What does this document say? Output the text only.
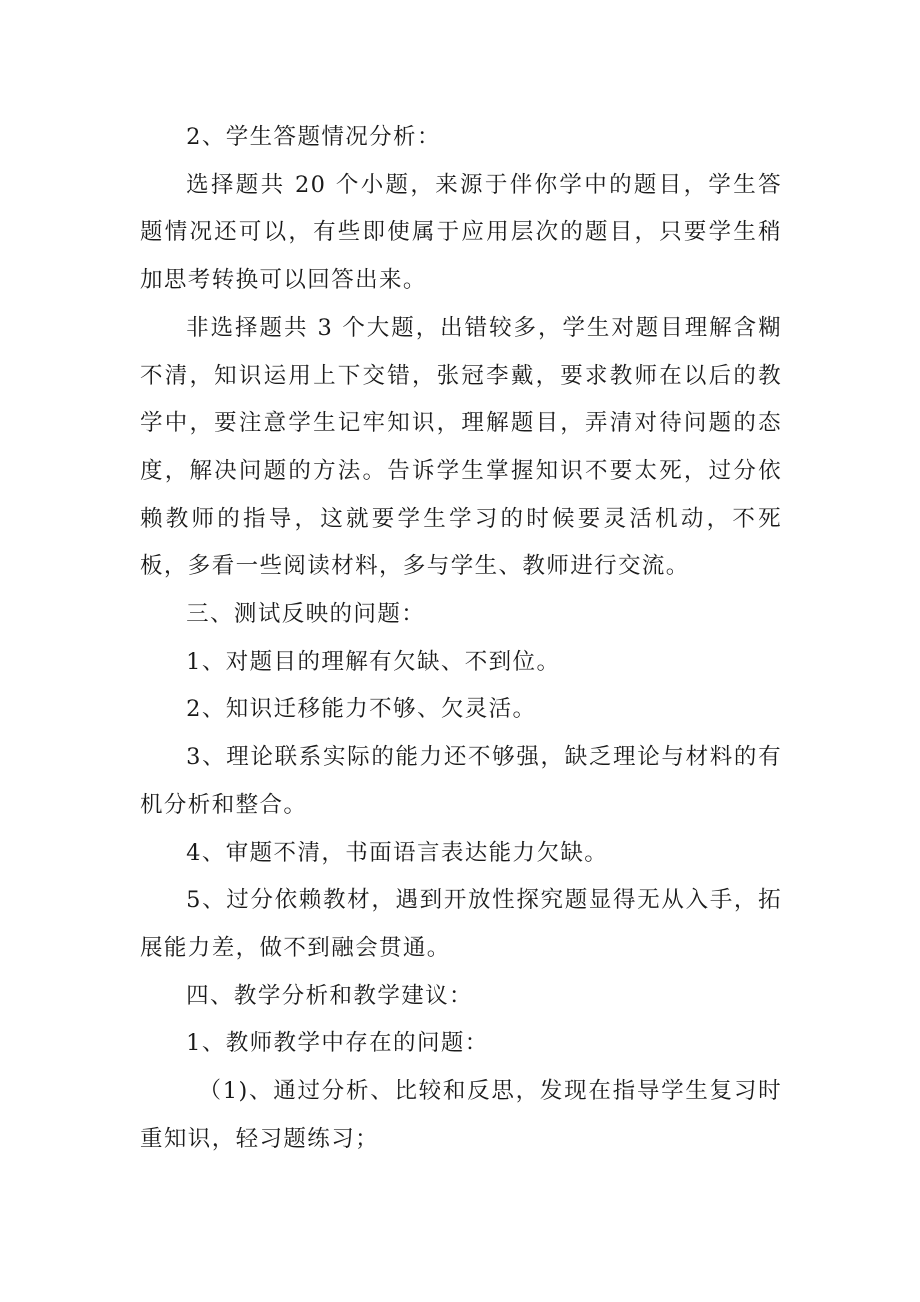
2、学生答题情况分析：

选择题共 20 个小题，来源于伴你学中的题目，学生答题情况还可以，有些即使属于应用层次的题目，只要学生稍加思考转换可以回答出来。

非选择题共 3 个大题，出错较多，学生对题目理解含糊不清，知识运用上下交错，张冠李戴，要求教师在以后的教学中，要注意学生记牢知识，理解题目，弄清对待问题的态度，解决问题的方法。告诉学生掌握知识不要太死，过分依赖教师的指导，这就要学生学习的时候要灵活机动，不死板，多看一些阅读材料，多与学生、教师进行交流。

三、测试反映的问题：

1、对题目的理解有欠缺、不到位。

2、知识迁移能力不够、欠灵活。

3、理论联系实际的能力还不够强，缺乏理论与材料的有机分析和整合。

4、审题不清，书面语言表达能力欠缺。

5、过分依赖教材，遇到开放性探究题显得无从入手，拓展能力差，做不到融会贯通。

四、教学分析和教学建议：

1、教师教学中存在的问题：

（1)、通过分析、比较和反思，发现在指导学生复习时重知识，轻习题练习；
